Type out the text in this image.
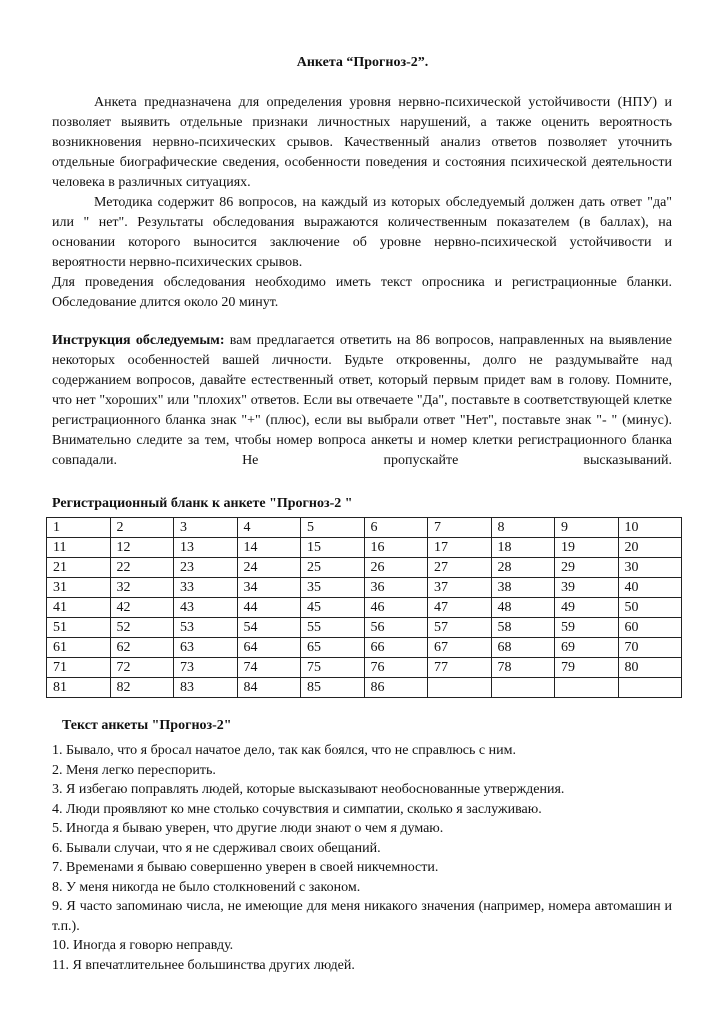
Анкета “Прогноз-2”.

Анкета предназначена для определения уровня нервно-психической устойчивости (НПУ) и позволяет выявить отдельные признаки личностных нарушений, а также оценить вероятность возникновения нервно-психических срывов. Качественный анализ ответов позволяет уточнить отдельные биографические сведения, особенности поведения и состояния психической деятельности человека в различных ситуациях.

Методика содержит 86 вопросов, на каждый из которых обследуемый должен дать ответ "да" или " нет". Результаты обследования выражаются количественным показателем (в баллах), на основании которого выносится заключение об уровне нервно-психической устойчивости и вероятности нервно-психических срывов.

Для проведения обследования необходимо иметь текст опросника и регистрационные бланки. Обследование длится около 20 минут.

Инструкция обследуемым: вам предлагается ответить на 86 вопросов, направленных на выявление некоторых особенностей вашей личности. Будьте откровенны, долго не раздумывайте над содержанием вопросов, давайте естественный ответ, который первым придет вам в голову. Помните, что нет "хороших" или "плохих" ответов. Если вы отвечаете "Да", поставьте в соответствующей клетке регистрационного бланка знак "+" (плюс), если вы выбрали ответ "Нет", поставьте знак "- " (минус). Внимательно следите за тем, чтобы номер вопроса анкеты и номер клетки регистрационного бланка совпадали. Не пропускайте высказываний.

Регистрационный бланк к анкете "Прогноз-2 "
1	2	3	4	5	6	7	8	9	10
11	12	13	14	15	16	17	18	19	20
21	22	23	24	25	26	27	28	29	30
31	32	33	34	35	36	37	38	39	40
41	42	43	44	45	46	47	48	49	50
51	52	53	54	55	56	57	58	59	60
61	62	63	64	65	66	67	68	69	70
71	72	73	74	75	76	77	78	79	80
81	82	83	84	85	86				
Текст анкеты "Прогноз-2"
1. Бывало, что я бросал начатое дело, так как боялся, что не справлюсь с ним.
2. Меня легко переспорить.
3. Я избегаю поправлять людей, которые высказывают необоснованные утверждения.
4. Люди проявляют ко мне столько сочувствия и симпатии, сколько я заслуживаю.
5. Иногда я бываю уверен, что другие люди знают о чем я думаю.
6. Бывали случаи, что я не сдерживал своих обещаний.
7. Временами я бываю совершенно уверен в своей никчемности.
8. У меня никогда не было столкновений с законом.
9. Я часто запоминаю числа, не имеющие для меня никакого значения (например, номера автомашин и т.п.).
10. Иногда я говорю неправду.
11. Я впечатлительнее большинства других людей.
